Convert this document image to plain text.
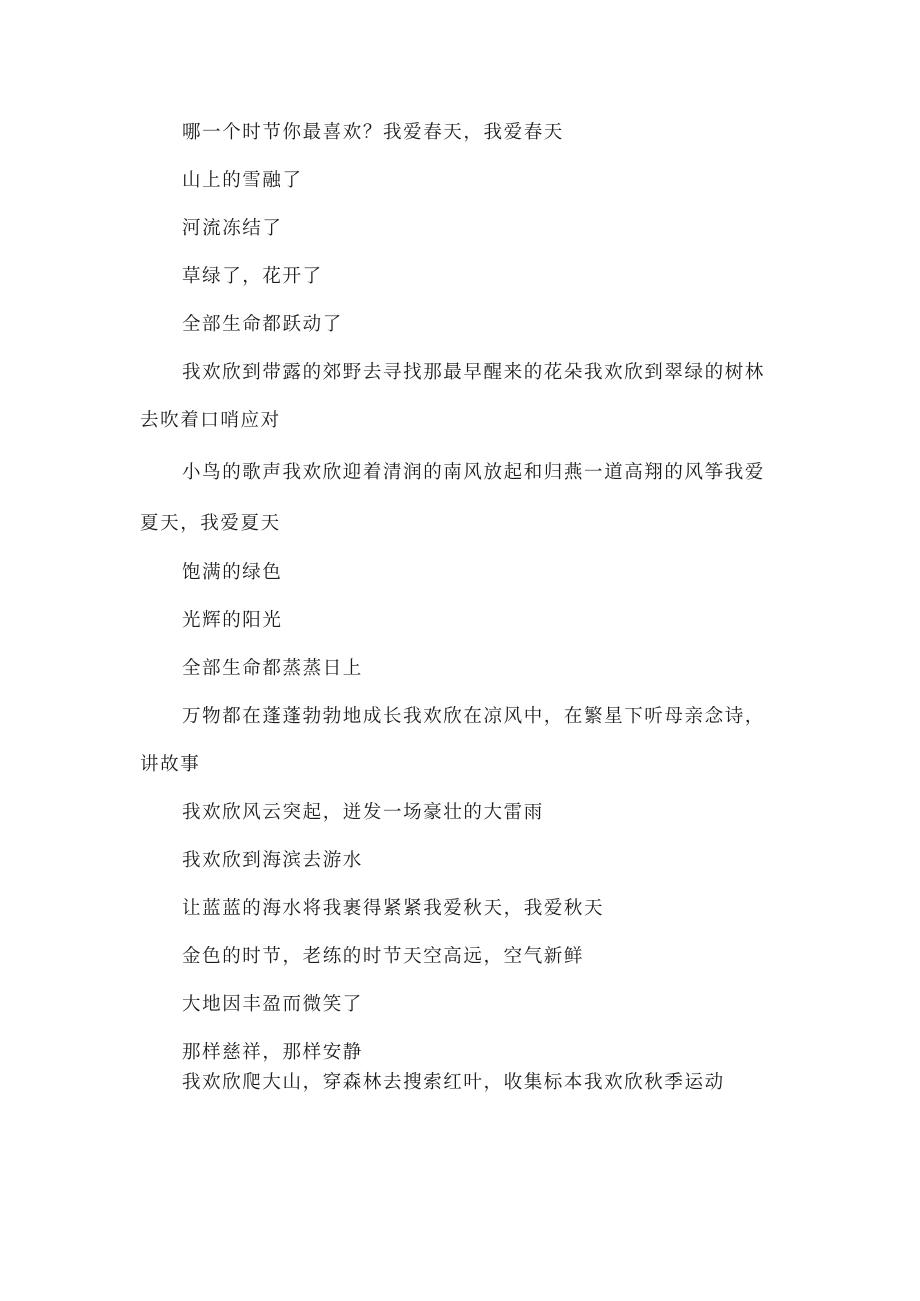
哪一个时节你最喜欢？我爱春天，我爱春天

山上的雪融了

河流冻结了

草绿了，花开了

全部生命都跃动了

我欢欣到带露的郊野去寻找那最早醒来的花朵我欢欣到翠绿的树林

去吹着口哨应对

小鸟的歌声我欢欣迎着清润的南风放起和归燕一道高翔的风筝我爱

夏天，我爱夏天

饱满的绿色

光辉的阳光

全部生命都蒸蒸日上

万物都在蓬蓬勃勃地成长我欢欣在凉风中，在繁星下听母亲念诗，

讲故事

我欢欣风云突起，迸发一场豪壮的大雷雨

我欢欣到海滨去游水

让蓝蓝的海水将我裹得紧紧我爱秋天，我爱秋天

金色的时节，老练的时节天空高远，空气新鲜

大地因丰盈而微笑了

那样慈祥，那样安静

我欢欣爬大山，穿森林去搜索红叶，收集标本我欢欣秋季运动
